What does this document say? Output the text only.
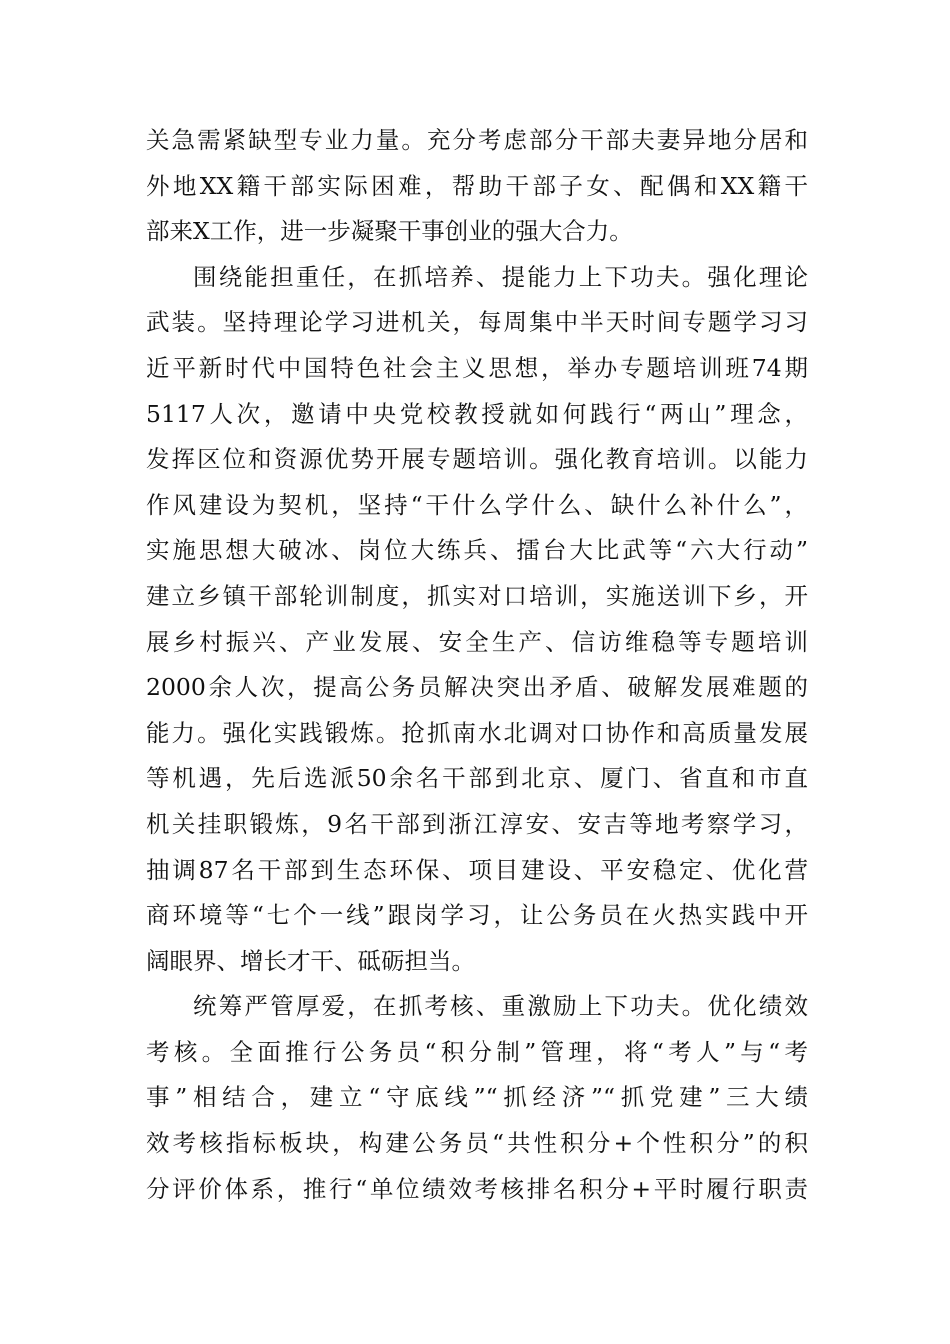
关急需紧缺型专业力量。充分考虑部分干部夫妻异地分居和
外地XX籍干部实际困难，帮助干部子女、配偶和XX籍干
部来X工作，进一步凝聚干事创业的强大合力。
围绕能担重任，在抓培养、提能力上下功夫。强化理论
武装。坚持理论学习进机关，每周集中半天时间专题学习习
近平新时代中国特色社会主义思想，举办专题培训班74期
5117人次，邀请中央党校教授就如何践行“两山”理念，
发挥区位和资源优势开展专题培训。强化教育培训。以能力
作风建设为契机，坚持“干什么学什么、缺什么补什么”，
实施思想大破冰、岗位大练兵、擂台大比武等“六大行动”
建立乡镇干部轮训制度，抓实对口培训，实施送训下乡，开
展乡村振兴、产业发展、安全生产、信访维稳等专题培训
2000余人次，提高公务员解决突出矛盾、破解发展难题的
能力。强化实践锻炼。抢抓南水北调对口协作和高质量发展
等机遇，先后选派50余名干部到北京、厦门、省直和市直
机关挂职锻炼，9名干部到浙江淳安、安吉等地考察学习，
抽调87名干部到生态环保、项目建设、平安稳定、优化营
商环境等“七个一线”跟岗学习，让公务员在火热实践中开
阔眼界、增长才干、砥砺担当。
统筹严管厚爱，在抓考核、重激励上下功夫。优化绩效
考核。全面推行公务员“积分制”管理，将“考人”与“考
事”相结合，建立“守底线”“抓经济”“抓党建”三大绩
效考核指标板块，构建公务员“共性积分+个性积分”的积
分评价体系，推行“单位绩效考核排名积分+平时履行职责
